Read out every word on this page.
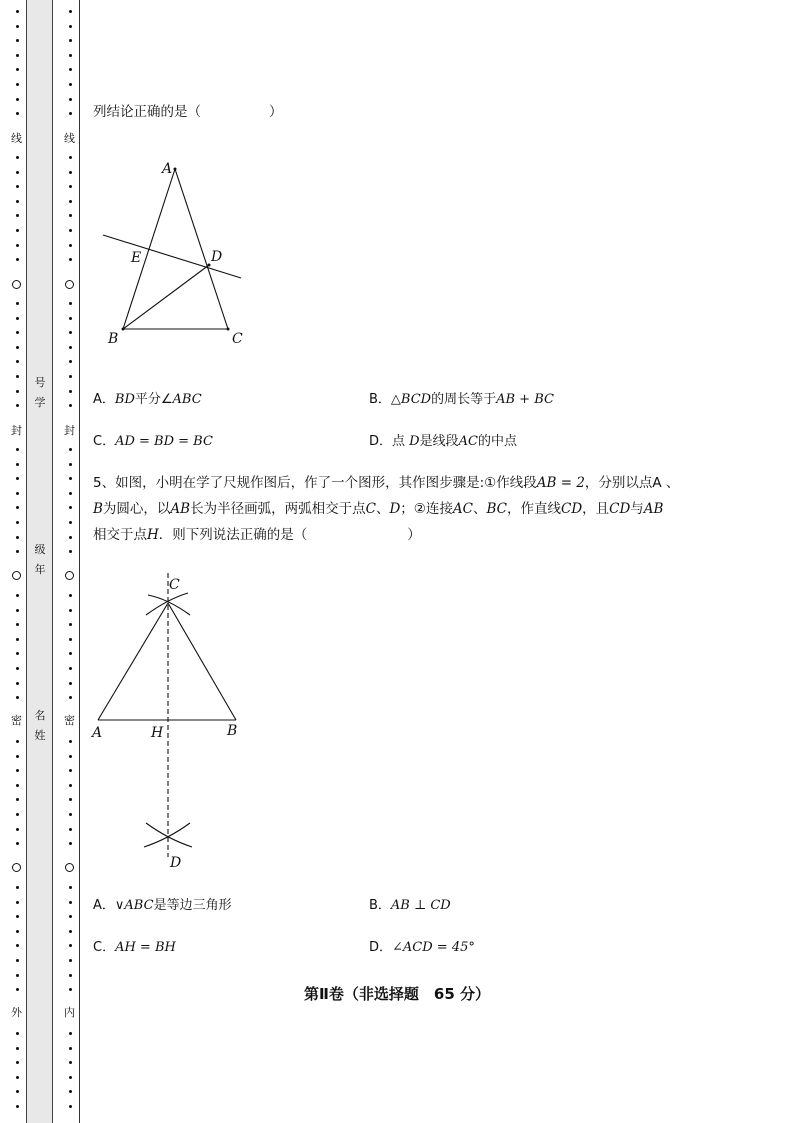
线
封
密
外
线
封
密
内
号
学
级
年
名
姓
列结论正确的是（	）
A
B	C
D
E
A．BD平分∠ABC	B．△BCD的周长等于AB + BC
C．AD = BD = BC	D．点 D是线段AC的中点
5、如图，小明在学了尺规作图后，作了一个图形，其作图步骤是:①作线段AB = 2，分别以点A 、
B为圆心，以AB长为半径画弧，两弧相交于点C、D；②连接AC、BC，作直线CD，且CD与AB
相交于点H．则下列说法正确的是（	）
C
A	H	B
D
A．∨ABC是等边三角形	B．AB ⊥ CD
C．AH = BH	D．∠ACD = 45°
第Ⅱ卷（非选择题　65 分）
